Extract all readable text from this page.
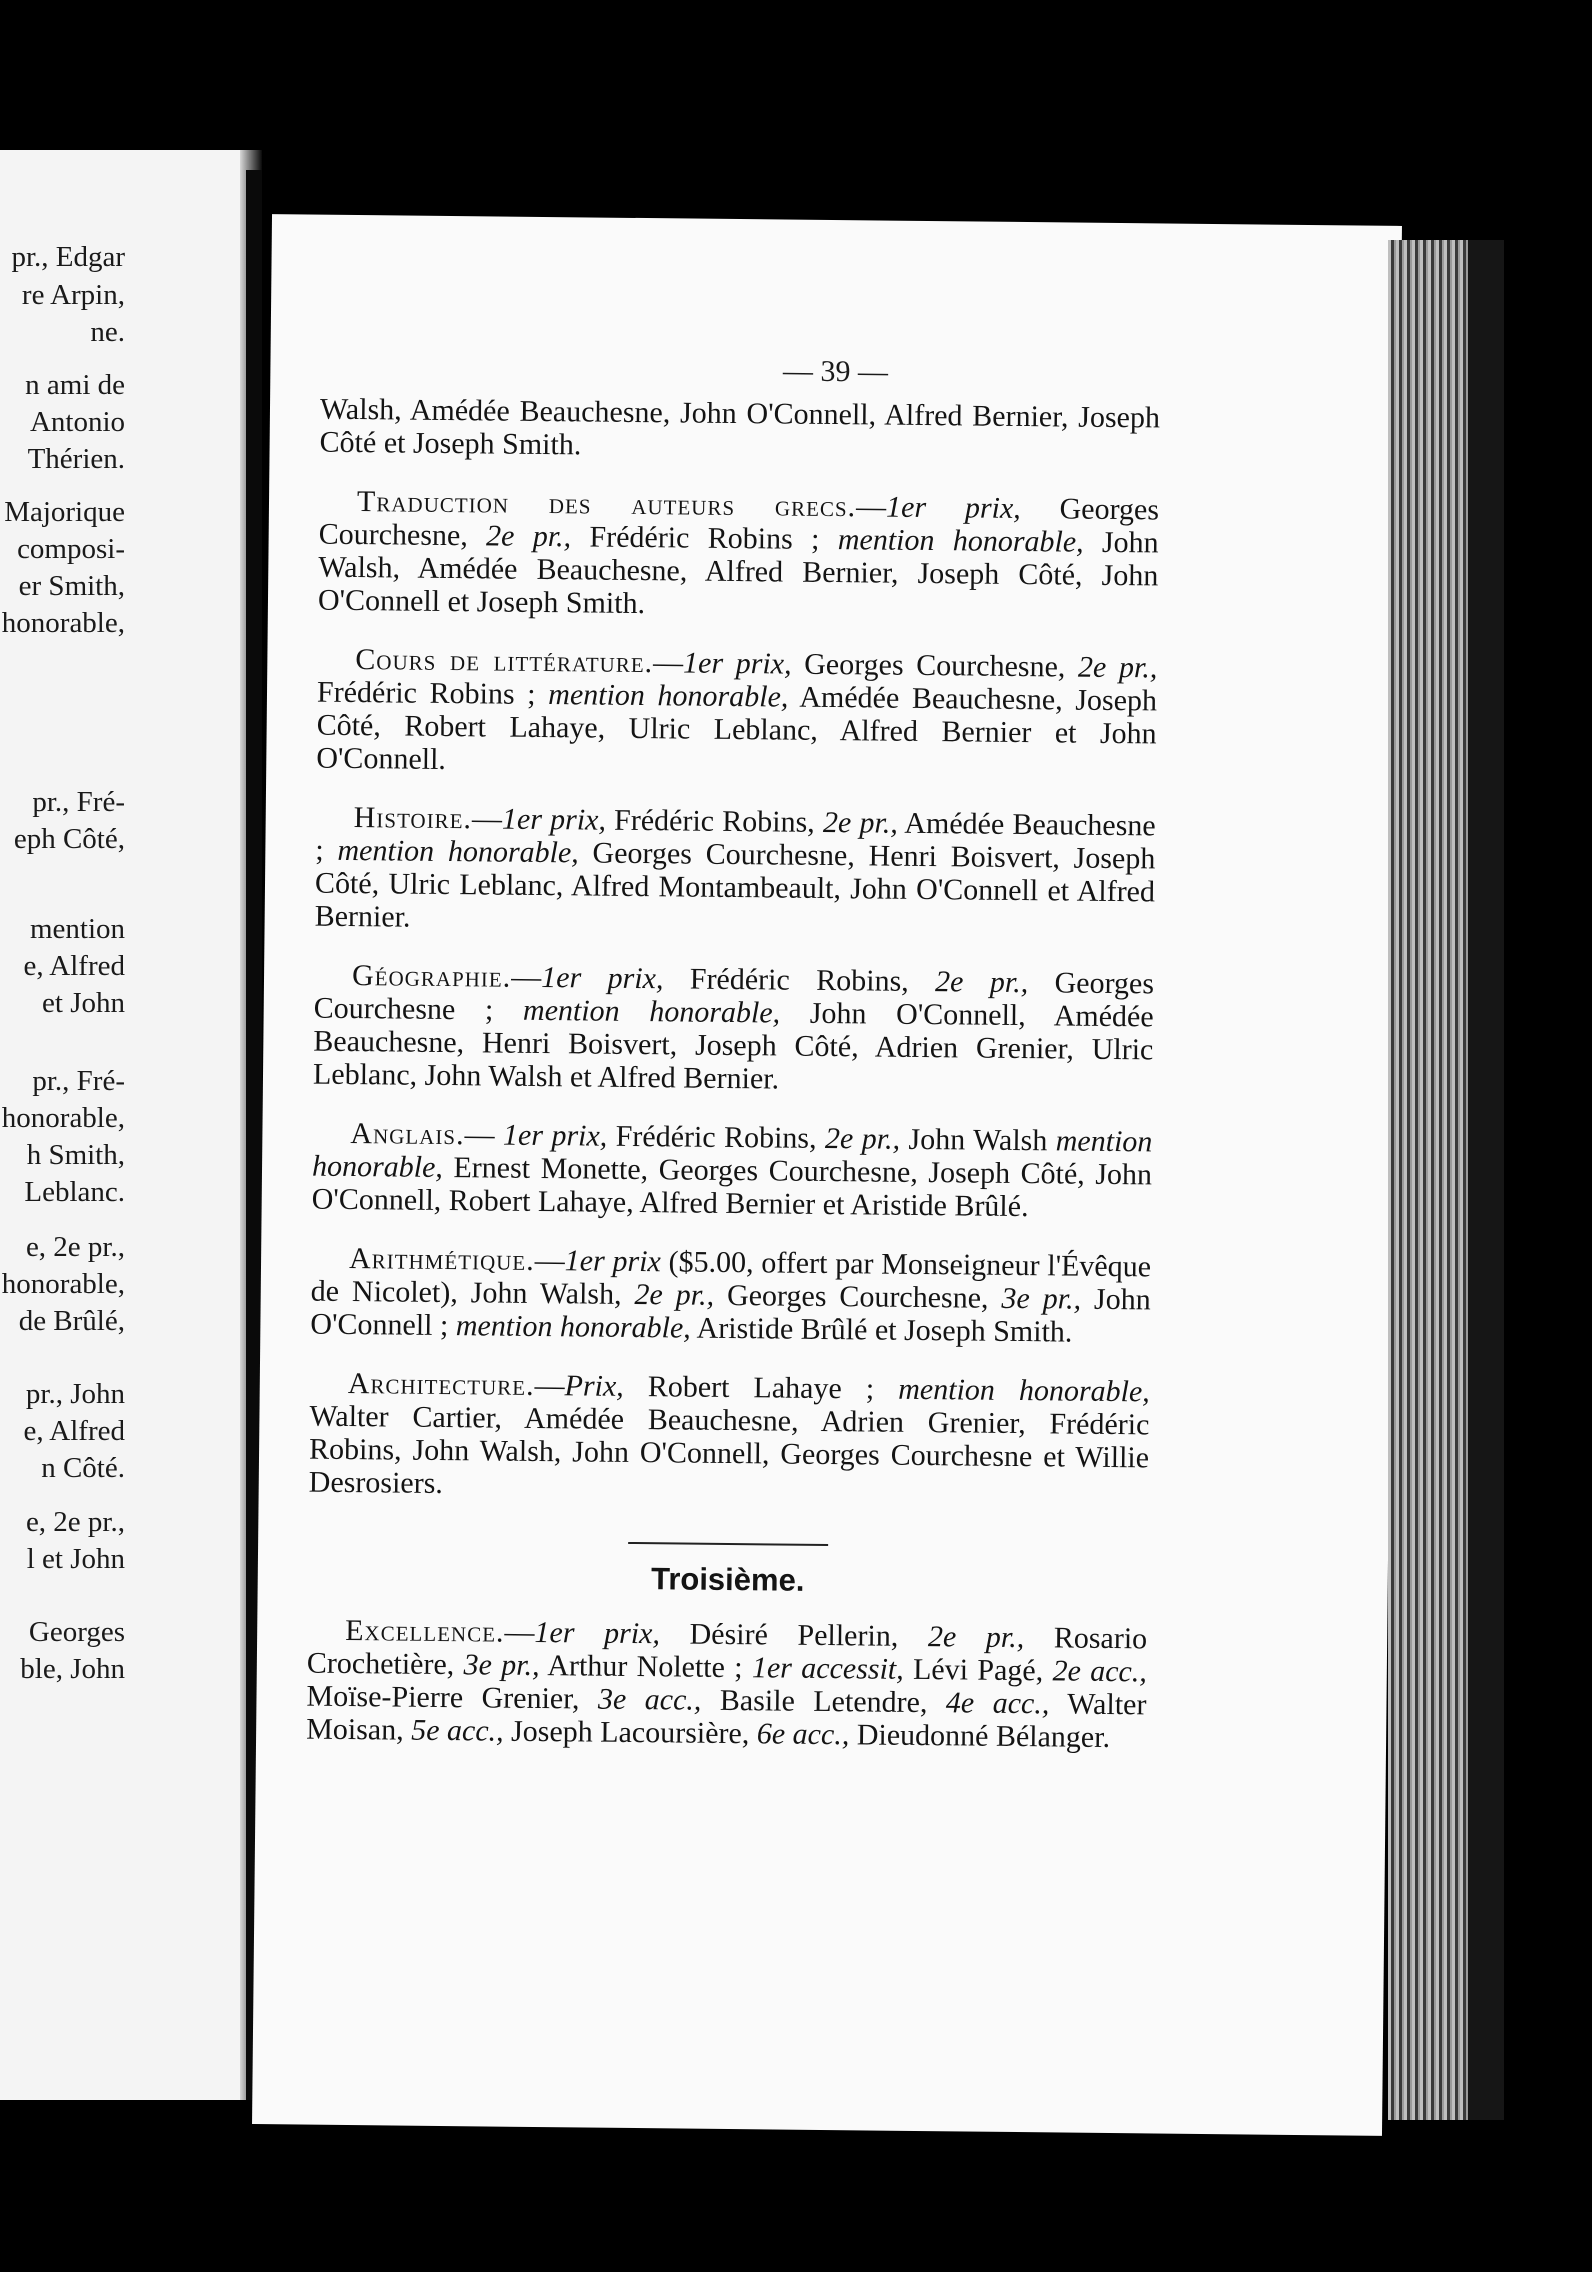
pr., Edgar
re Arpin,
ne.
n ami de
Antonio
Thérien.
Majorique
composi-
er Smith,
honorable,
pr., Fré-
eph Côté,
mention
e, Alfred
et John
pr., Fré-
honorable,
h Smith,
Leblanc.
e, 2e pr.,
honorable,
de Brûlé,
pr., John
e, Alfred
n Côté.
e, 2e pr.,
l et John
Georges
ble, John
— 39 —

Walsh, Amédée Beauchesne, John O'Connell, Alfred Bernier, Joseph Côté et Joseph Smith.

Traduction des auteurs grecs.—1er prix, Georges Courchesne, 2e pr., Frédéric Robins ; mention honorable, John Walsh, Amédée Beauchesne, Alfred Bernier, Joseph Côté, John O'Connell et Joseph Smith.

Cours de littérature.—1er prix, Georges Courchesne, 2e pr., Frédéric Robins ; mention honorable, Amédée Beauchesne, Joseph Côté, Robert Lahaye, Ulric Leblanc, Alfred Bernier et John O'Connell.

Histoire.—1er prix, Frédéric Robins, 2e pr., Amédée Beauchesne ; mention honorable, Georges Courchesne, Henri Boisvert, Joseph Côté, Ulric Leblanc, Alfred Montambeault, John O'Connell et Alfred Bernier.

Géographie.—1er prix, Frédéric Robins, 2e pr., Georges Courchesne ; mention honorable, John O'Connell, Amédée Beauchesne, Henri Boisvert, Joseph Côté, Adrien Grenier, Ulric Leblanc, John Walsh et Alfred Bernier.

Anglais.— 1er prix, Frédéric Robins, 2e pr., John Walsh mention honorable, Ernest Monette, Georges Courchesne, Joseph Côté, John O'Connell, Robert Lahaye, Alfred Bernier et Aristide Brûlé.

Arithmétique.—1er prix ($5.00, offert par Monseigneur l'Évêque de Nicolet), John Walsh, 2e pr., Georges Courchesne, 3e pr., John O'Connell ; mention honorable, Aristide Brûlé et Joseph Smith.

Architecture.—Prix, Robert Lahaye ; mention honorable, Walter Cartier, Amédée Beauchesne, Adrien Grenier, Frédéric Robins, John Walsh, John O'Connell, Georges Courchesne et Willie Desrosiers.

Troisième.

Excellence.—1er prix, Désiré Pellerin, 2e pr., Rosario Crochetière, 3e pr., Arthur Nolette ; 1er accessit, Lévi Pagé, 2e acc., Moïse-Pierre Grenier, 3e acc., Basile Letendre, 4e acc., Walter Moisan, 5e acc., Joseph Lacoursière, 6e acc., Dieudonné Bélanger.
